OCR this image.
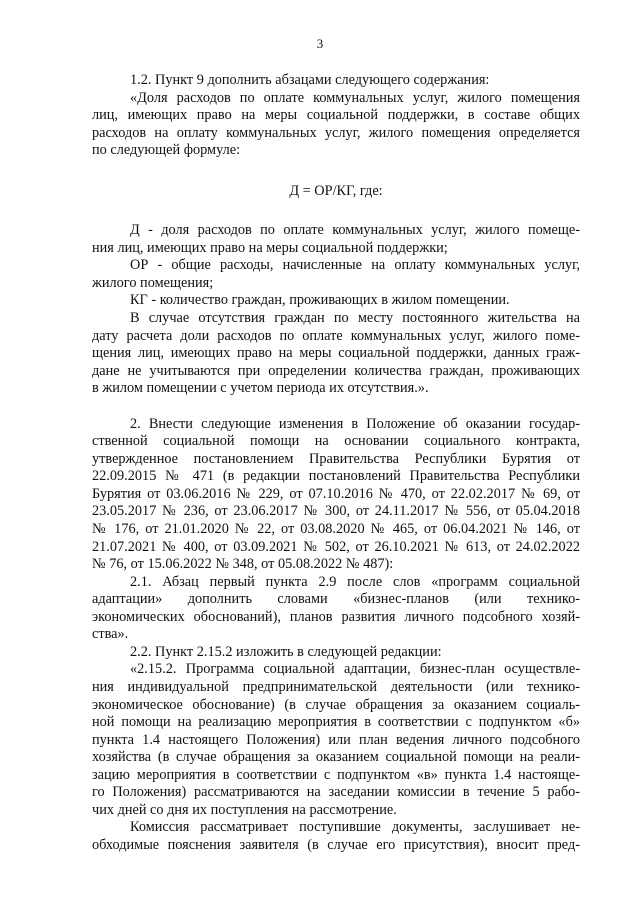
3

1.2. Пункт 9 дополнить абзацами следующего содержания:

«Доля расходов по оплате коммунальных услуг, жилого помещения
лиц, имеющих право на меры социальной поддержки, в составе общих
расходов на оплату коммунальных услуг, жилого помещения определяется
по следующей формуле:

Д = ОР/КГ, где:

Д - доля расходов по оплате коммунальных услуг, жилого помеще-
ния лиц, имеющих право на меры социальной поддержки;

ОР - общие расходы, начисленные на оплату коммунальных услуг,
жилого помещения;

КГ - количество граждан, проживающих в жилом помещении.

В случае отсутствия граждан по месту постоянного жительства на
дату расчета доли расходов по оплате коммунальных услуг, жилого поме-
щения лиц, имеющих право на меры социальной поддержки, данных граж-
дане не учитываются при определении количества граждан, проживающих
в жилом помещении с учетом периода их отсутствия.».

2. Внести следующие изменения в Положение об оказании государ-
ственной социальной помощи на основании социального контракта,
утвержденное постановлением Правительства Республики Бурятия от
22.09.2015 № 471 (в редакции постановлений Правительства Республики
Бурятия от 03.06.2016 № 229, от 07.10.2016 № 470, от 22.02.2017 № 69, от
23.05.2017 № 236, от 23.06.2017 № 300, от 24.11.2017 № 556, от 05.04.2018
№ 176, от 21.01.2020 № 22, от 03.08.2020 № 465, от 06.04.2021 № 146, от
21.07.2021 № 400, от 03.09.2021 № 502, от 26.10.2021 № 613, от 24.02.2022
№ 76, от 15.06.2022 № 348, от 05.08.2022 № 487):

2.1. Абзац первый пункта 2.9 после слов «программ социальной
адаптации» дополнить словами «бизнес-планов (или технико-
экономических обоснований), планов развития личного подсобного хозяй-
ства».

2.2. Пункт 2.15.2 изложить в следующей редакции:

«2.15.2. Программа социальной адаптации, бизнес-план осуществле-
ния индивидуальной предпринимательской деятельности (или технико-
экономическое обоснование) (в случае обращения за оказанием социаль-
ной помощи на реализацию мероприятия в соответствии с подпунктом «б»
пункта 1.4 настоящего Положения) или план ведения личного подсобного
хозяйства (в случае обращения за оказанием социальной помощи на реали-
зацию мероприятия в соответствии с подпунктом «в» пункта 1.4 настояще-
го Положения) рассматриваются на заседании комиссии в течение 5 рабо-
чих дней со дня их поступления на рассмотрение.

Комиссия рассматривает поступившие документы, заслушивает не-
обходимые пояснения заявителя (в случае его присутствия), вносит пред-
